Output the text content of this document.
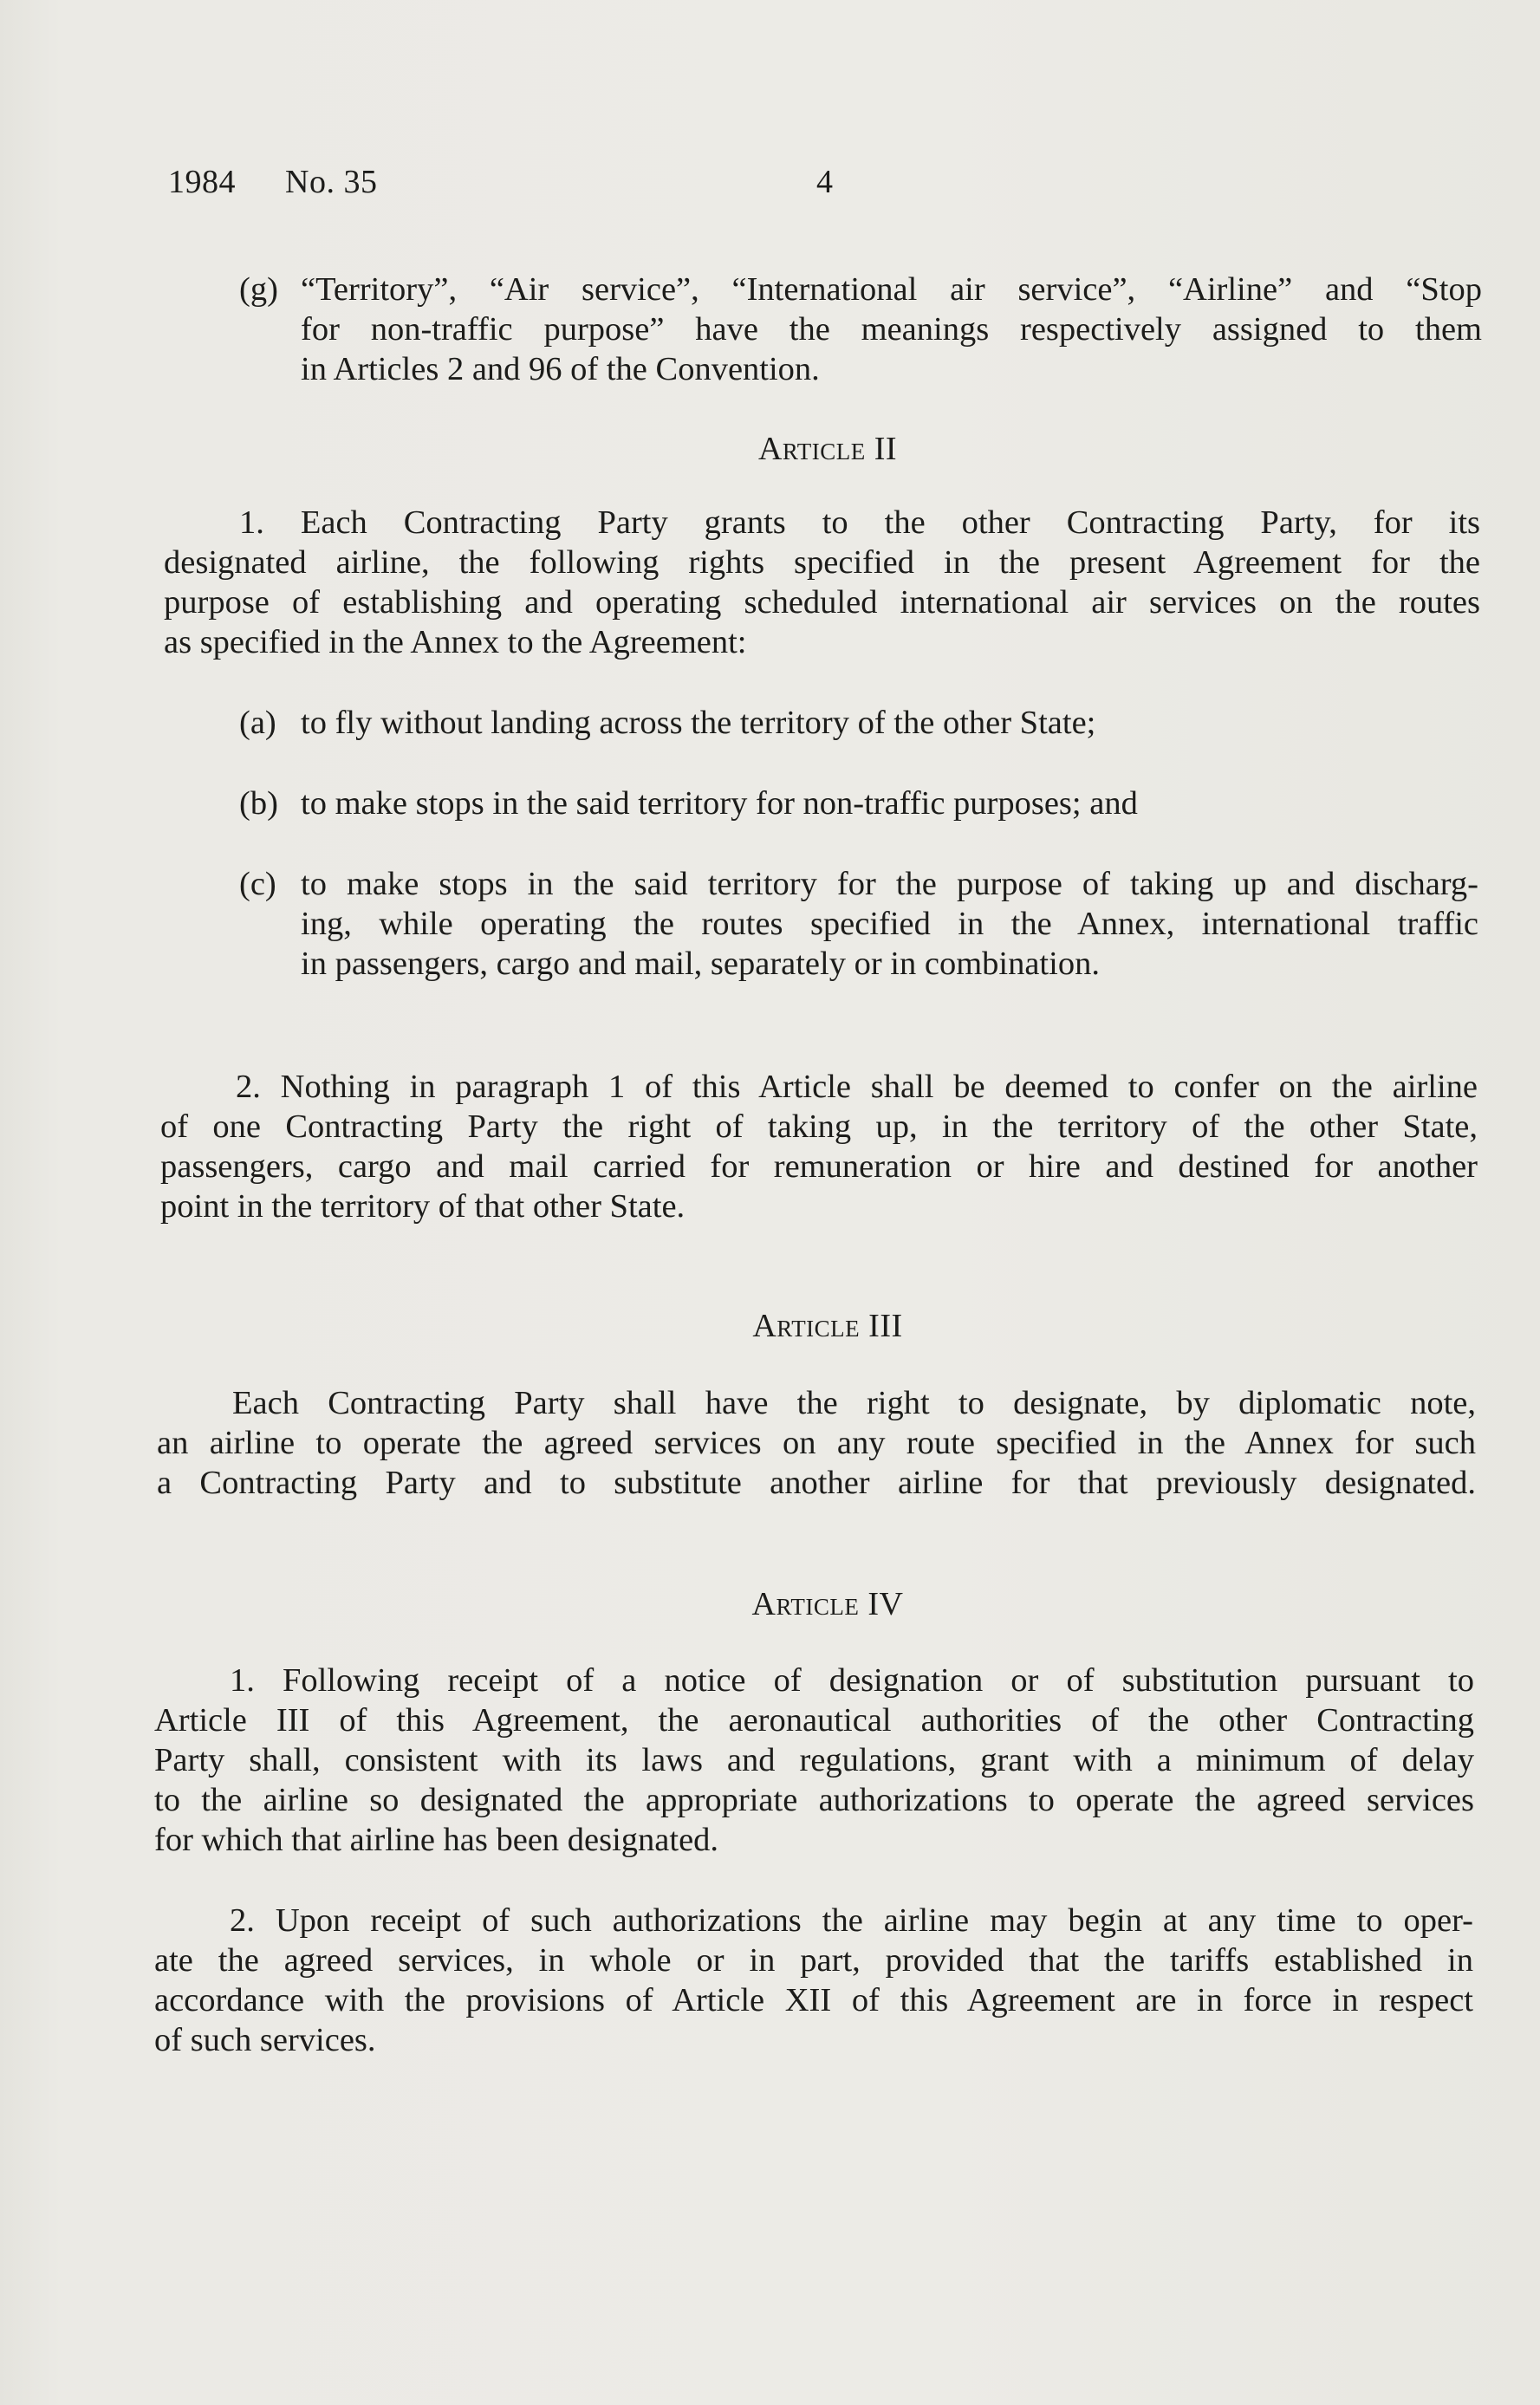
1984 No. 35	4
(g) “Territory”, “Air service”, “International air service”, “Airline” and “Stop
for non-traffic purpose” have the meanings respectively assigned to them
in Articles 2 and 96 of the Convention.
Article II
1. Each Contracting Party grants to the other Contracting Party, for its
designated airline, the following rights specified in the present Agreement for the
purpose of establishing and operating scheduled international air services on the routes
as specified in the Annex to the Agreement:
(a) to fly without landing across the territory of the other State;
(b) to make stops in the said territory for non-traffic purposes; and
(c) to make stops in the said territory for the purpose of taking up and discharg-
ing, while operating the routes specified in the Annex, international traffic
in passengers, cargo and mail, separately or in combination.
2. Nothing in paragraph 1 of this Article shall be deemed to confer on the airline
of one Contracting Party the right of taking up, in the territory of the other State,
passengers, cargo and mail carried for remuneration or hire and destined for another
point in the territory of that other State.
Article III
Each Contracting Party shall have the right to designate, by diplomatic note,
an airline to operate the agreed services on any route specified in the Annex for such
a Contracting Party and to substitute another airline for that previously designated.
Article IV
1. Following receipt of a notice of designation or of substitution pursuant to
Article III of this Agreement, the aeronautical authorities of the other Contracting
Party shall, consistent with its laws and regulations, grant with a minimum of delay
to the airline so designated the appropriate authorizations to operate the agreed services
for which that airline has been designated.
2. Upon receipt of such authorizations the airline may begin at any time to oper-
ate the agreed services, in whole or in part, provided that the tariffs established in
accordance with the provisions of Article XII of this Agreement are in force in respect
of such services.
